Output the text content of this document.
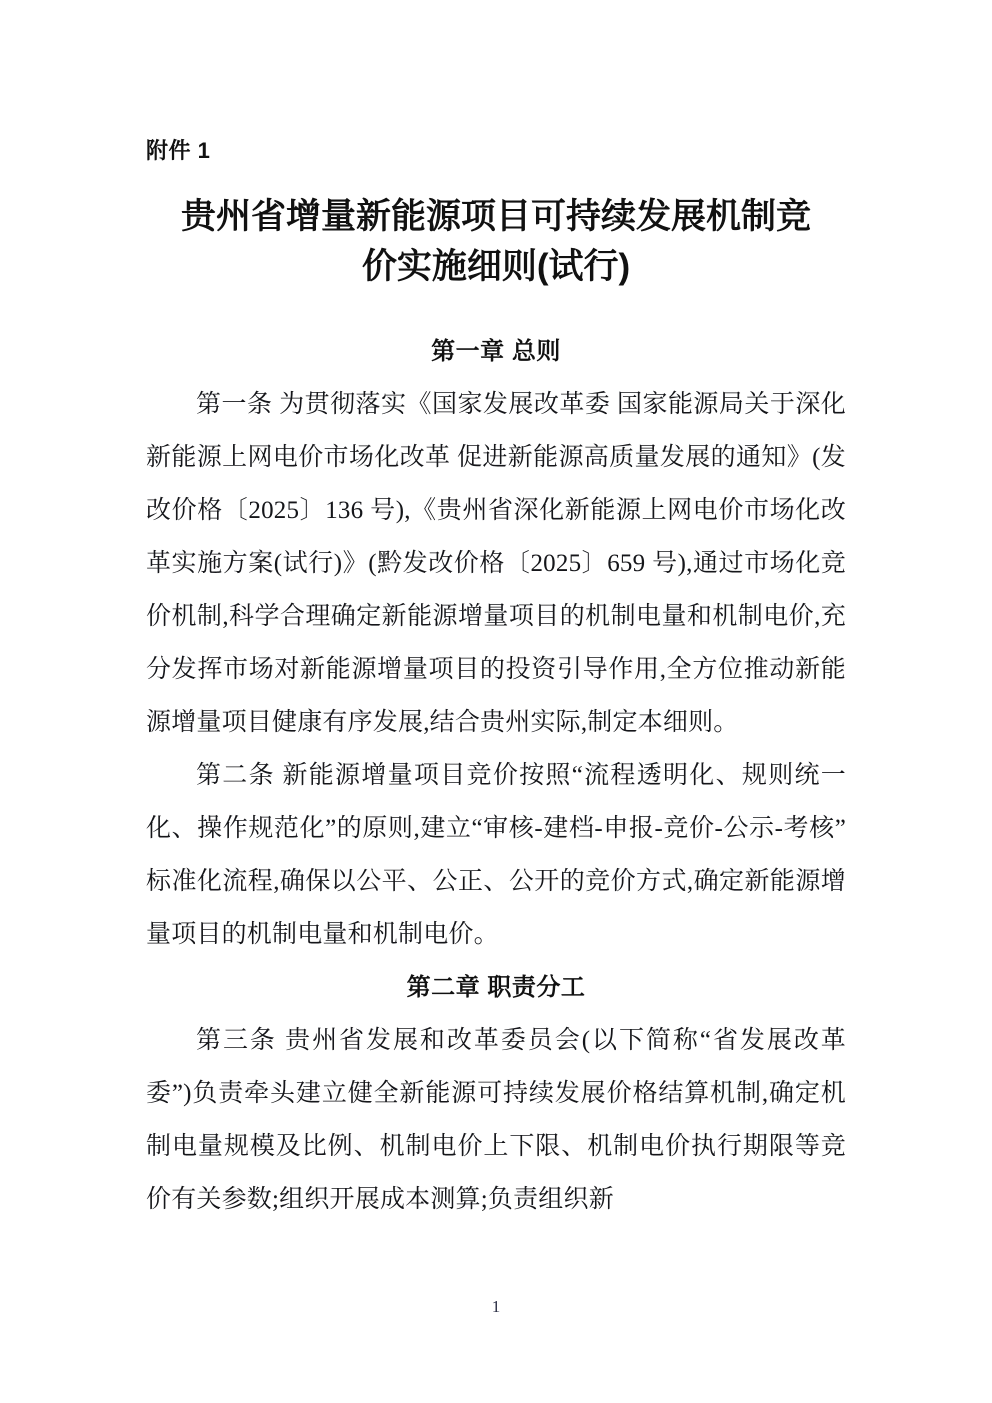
附件 1
贵州省增量新能源项目可持续发展机制竞
价实施细则(试行)
第一章 总则
第一条 为贯彻落实《国家发展改革委 国家能源局关于深化新能源上网电价市场化改革 促进新能源高质量发展的通知》(发改价格〔2025〕136 号),《贵州省深化新能源上网电价市场化改革实施方案(试行)》(黔发改价格〔2025〕659 号),通过市场化竞价机制,科学合理确定新能源增量项目的机制电量和机制电价,充分发挥市场对新能源增量项目的投资引导作用,全方位推动新能源增量项目健康有序发展,结合贵州实际,制定本细则。
第二条 新能源增量项目竞价按照“流程透明化、规则统一化、操作规范化”的原则,建立“审核-建档-申报-竞价-公示-考核”标准化流程,确保以公平、公正、公开的竞价方式,确定新能源增量项目的机制电量和机制电价。
第二章 职责分工
第三条 贵州省发展和改革委员会(以下简称“省发展改革委”)负责牵头建立健全新能源可持续发展价格结算机制,确定机制电量规模及比例、机制电价上下限、机制电价执行期限等竞价有关参数;组织开展成本测算;负责组织新
1
